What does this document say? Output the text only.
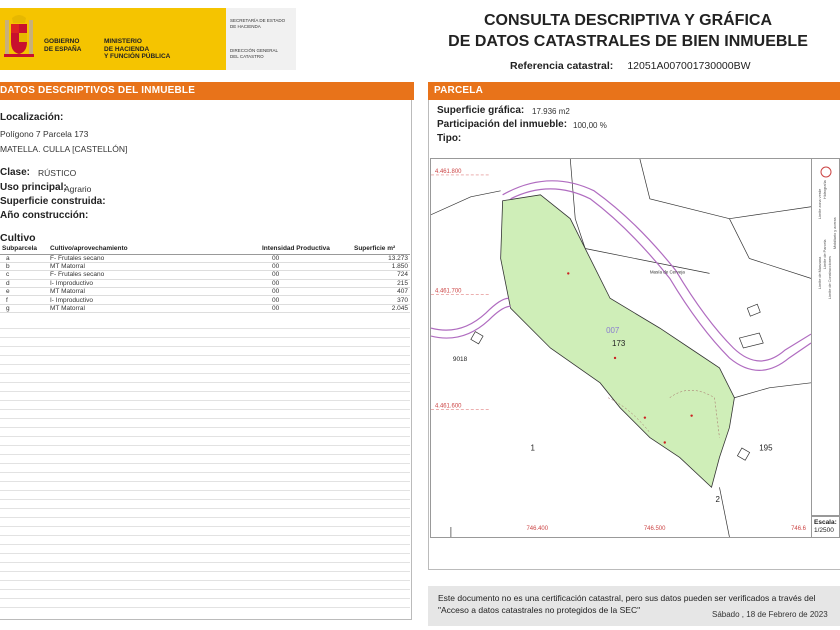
GOBIERNO
DE ESPAÑA
MINISTERIO
DE HACIENDA
Y FUNCIÓN PÚBLICA
SECRETARÍA DE ESTADO
DE HACIENDA
DIRECCIÓN GENERAL
DEL CATASTRO
CONSULTA DESCRIPTIVA Y GRÁFICA
DE DATOS CATASTRALES DE BIEN INMUEBLE
Referencia catastral: 12051A007001730000BW
DATOS DESCRIPTIVOS DEL INMUEBLE	PARCELA
Localización:
Polígono 7 Parcela 173
MATELLA. CULLA [CASTELLÓN]
Clase: RÚSTICO
Uso principal:
Agrario
Superficie construida:
Año construcción:
Cultivo
Subparcela	Cultivo/aprovechamiento	Intensidad Productiva	Superficie m²
a	F- Frutales secano	00	13.273
b	MT Matorral	00	1.850
c	F- Frutales secano	00	724
d	I- Improductivo	00	215
e	MT Matorral	00	407
f	I- Improductivo	00	370
g	MT Matorral	00	2.045
Superficie gráfica: 17.936 m2
Participación del inmueble: 100,00 %
Tipo:
4.461.800
4.461.700
4.461.600
746.400	746.500	746.6
007
173
1
2
195
9018
Masía de Cerveja	Límite de Manzana
Límite de Parcela
Límite de Construcciones
Mobiliario y aceras
Límite zona verde Hidrografía
Escala:
1/2500
Este documento no es una certificación catastral, pero sus datos pueden ser verificados a través del "Acceso a datos catastrales no protegidos de la SEC"	Sábado , 18 de Febrero de 2023
